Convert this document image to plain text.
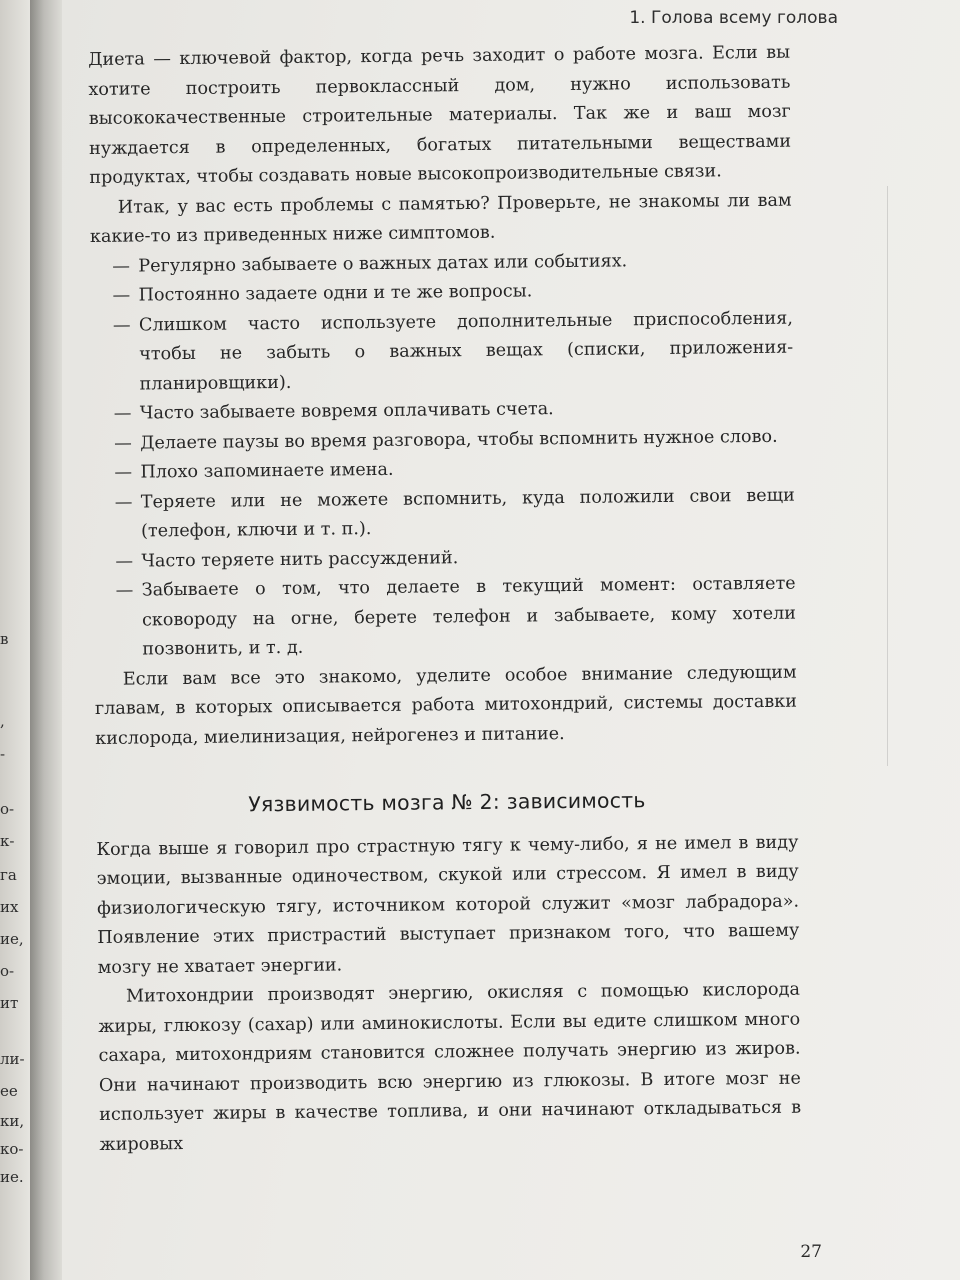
в
,
-
о-
к-
га
их
ие,
о-
ит
ли-
ее
ки,
ко-
ие.
1. Голова всему голова

Диета — ключевой фактор, когда речь заходит о работе мозга. Если вы хотите построить первоклассный дом, нужно использовать высококачественные строительные материалы. Так же и ваш мозг нуждается в определенных, богатых питательными веществами продуктах, чтобы создавать новые высокопроизводительные связи.

Итак, у вас есть проблемы с памятью? Проверьте, не знакомы ли вам какие-то из приведенных ниже симптомов.

— Регулярно забываете о важных датах или событиях.
— Постоянно задаете одни и те же вопросы.
— Слишком часто используете дополнительные приспособления, чтобы не забыть о важных вещах (списки, приложения-планировщики).
— Часто забываете вовремя оплачивать счета.
— Делаете паузы во время разговора, чтобы вспомнить нужное слово.
— Плохо запоминаете имена.
— Теряете или не можете вспомнить, куда положили свои вещи (телефон, ключи и т. п.).
— Часто теряете нить рассуждений.
— Забываете о том, что делаете в текущий момент: оставляете сковороду на огне, берете телефон и забываете, кому хотели позвонить, и т. д.

Если вам все это знакомо, уделите особое внимание следующим главам, в которых описывается работа митохондрий, системы доставки кислорода, миелинизация, нейрогенез и питание.

Уязвимость мозга № 2: зависимость

Когда выше я говорил про страстную тягу к чему-либо, я не имел в виду эмоции, вызванные одиночеством, скукой или стрессом. Я имел в виду физиологическую тягу, источником которой служит «мозг лабрадора». Появление этих пристрастий выступает признаком того, что вашему мозгу не хватает энергии.

Митохондрии производят энергию, окисляя с помощью кислорода жиры, глюкозу (сахар) или аминокислоты. Если вы едите слишком много сахара, митохондриям становится сложнее получать энергию из жиров. Они начинают производить всю энергию из глюкозы. В итоге мозг не использует жиры в качестве топлива, и они начинают откладываться в жировых

27
